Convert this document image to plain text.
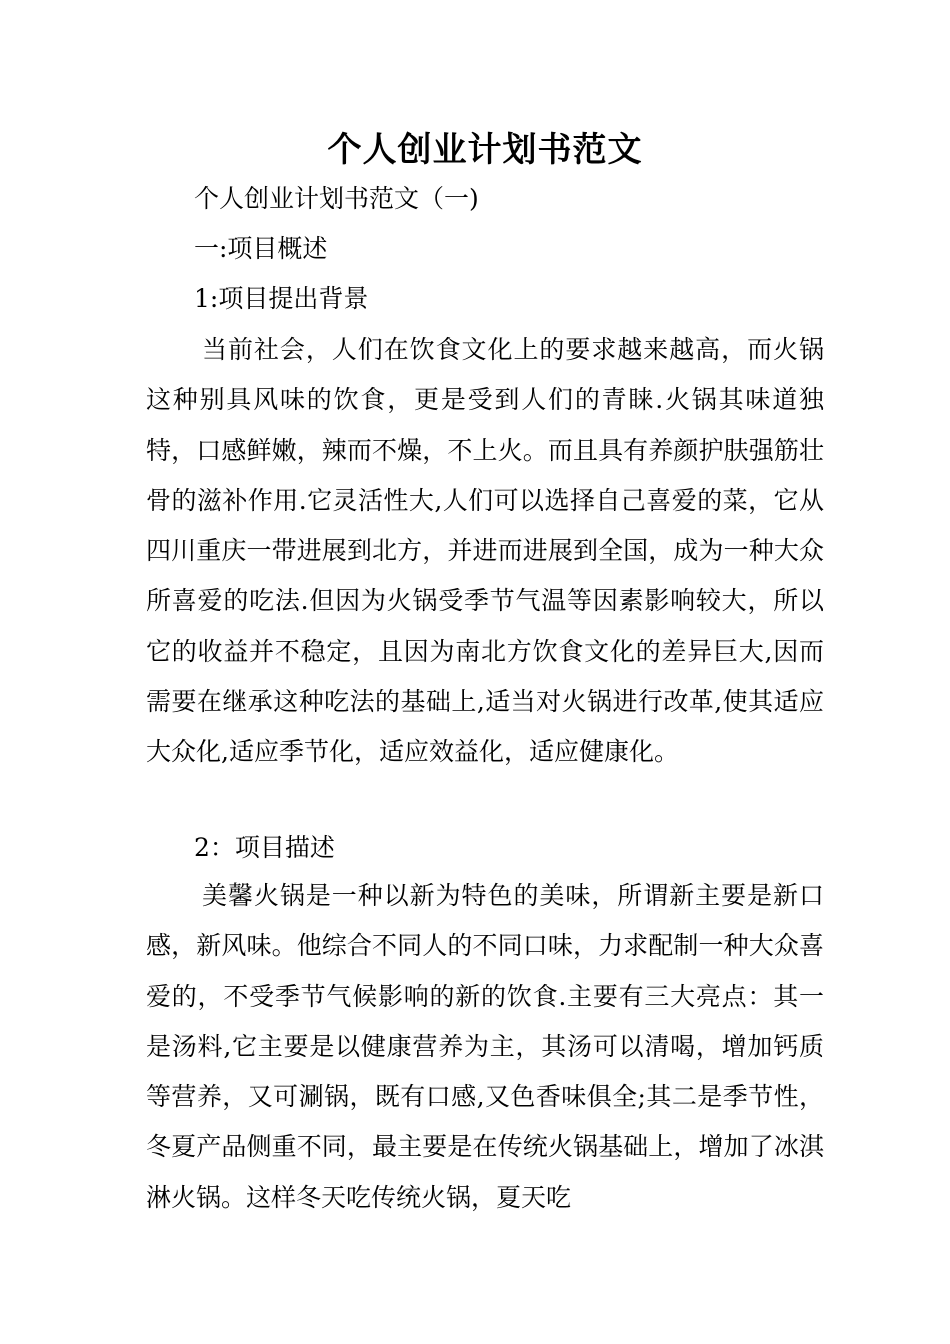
个人创业计划书范文
个人创业计划书范文（一)
一:项目概述
1:项目提出背景

当前社会，人们在饮食文化上的要求越来越高，而火锅这种别具风味的饮食，更是受到人们的青睐.火锅其味道独特，口感鲜嫩，辣而不燥，不上火。而且具有养颜护肤强筋壮骨的滋补作用.它灵活性大,人们可以选择自己喜爱的菜，它从四川重庆一带进展到北方，并进而进展到全国，成为一种大众所喜爱的吃法.但因为火锅受季节气温等因素影响较大，所以它的收益并不稳定，且因为南北方饮食文化的差异巨大,因而需要在继承这种吃法的基础上,适当对火锅进行改革,使其适应大众化,适应季节化，适应效益化，适应健康化。

2：项目描述

美馨火锅是一种以新为特色的美味，所谓新主要是新口感，新风味。他综合不同人的不同口味，力求配制一种大众喜爱的，不受季节气候影响的新的饮食.主要有三大亮点：其一是汤料,它主要是以健康营养为主，其汤可以清喝，增加钙质等营养，又可涮锅，既有口感,又色香味俱全;其二是季节性，冬夏产品侧重不同，最主要是在传统火锅基础上，增加了冰淇淋火锅。这样冬天吃传统火锅，夏天吃
